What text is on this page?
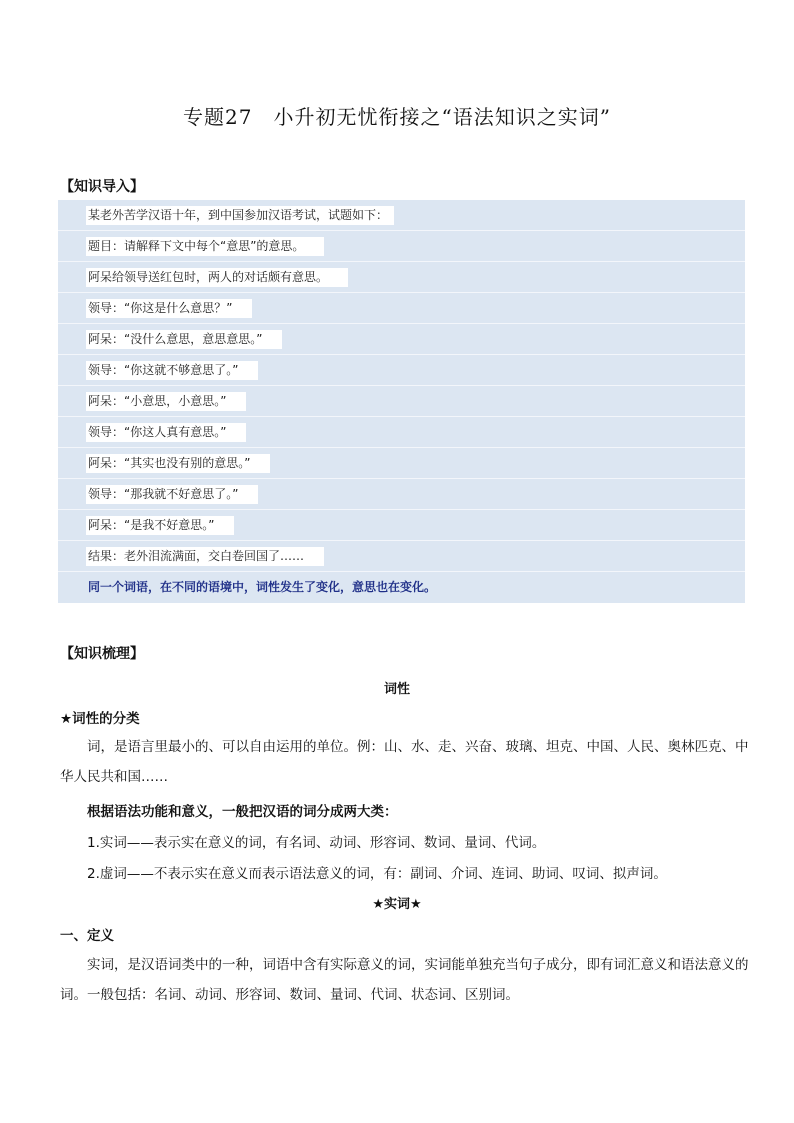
专题27　小升初无忧衔接之“语法知识之实词”
【知识导入】
某老外苦学汉语十年，到中国参加汉语考试，试题如下：
题目：请解释下文中每个“意思”的意思。
阿呆给领导送红包时，两人的对话颇有意思。
领导：“你这是什么意思？”
阿呆：“没什么意思，意思意思。”
领导：“你这就不够意思了。”
阿呆：“小意思，小意思。”
领导：“你这人真有意思。”
阿呆：“其实也没有别的意思。”
领导：“那我就不好意思了。”
阿呆：“是我不好意思。”
结果：老外泪流满面，交白卷回国了……
同一个词语，在不同的语境中，词性发生了变化，意思也在变化。
【知识梳理】
词性
★词性的分类
词，是语言里最小的、可以自由运用的单位。例：山、水、走、兴奋、玻璃、坦克、中国、人民、奥林匹克、中华人民共和国……
根据语法功能和意义，一般把汉语的词分成两大类：
1.实词——表示实在意义的词，有名词、动词、形容词、数词、量词、代词。
2.虚词——不表示实在意义而表示语法意义的词，有：副词、介词、连词、助词、叹词、拟声词。
★实词★
一、定义
实词，是汉语词类中的一种，词语中含有实际意义的词，实词能单独充当句子成分，即有词汇意义和语法意义的词。一般包括：名词、动词、形容词、数词、量词、代词、状态词、区别词。
